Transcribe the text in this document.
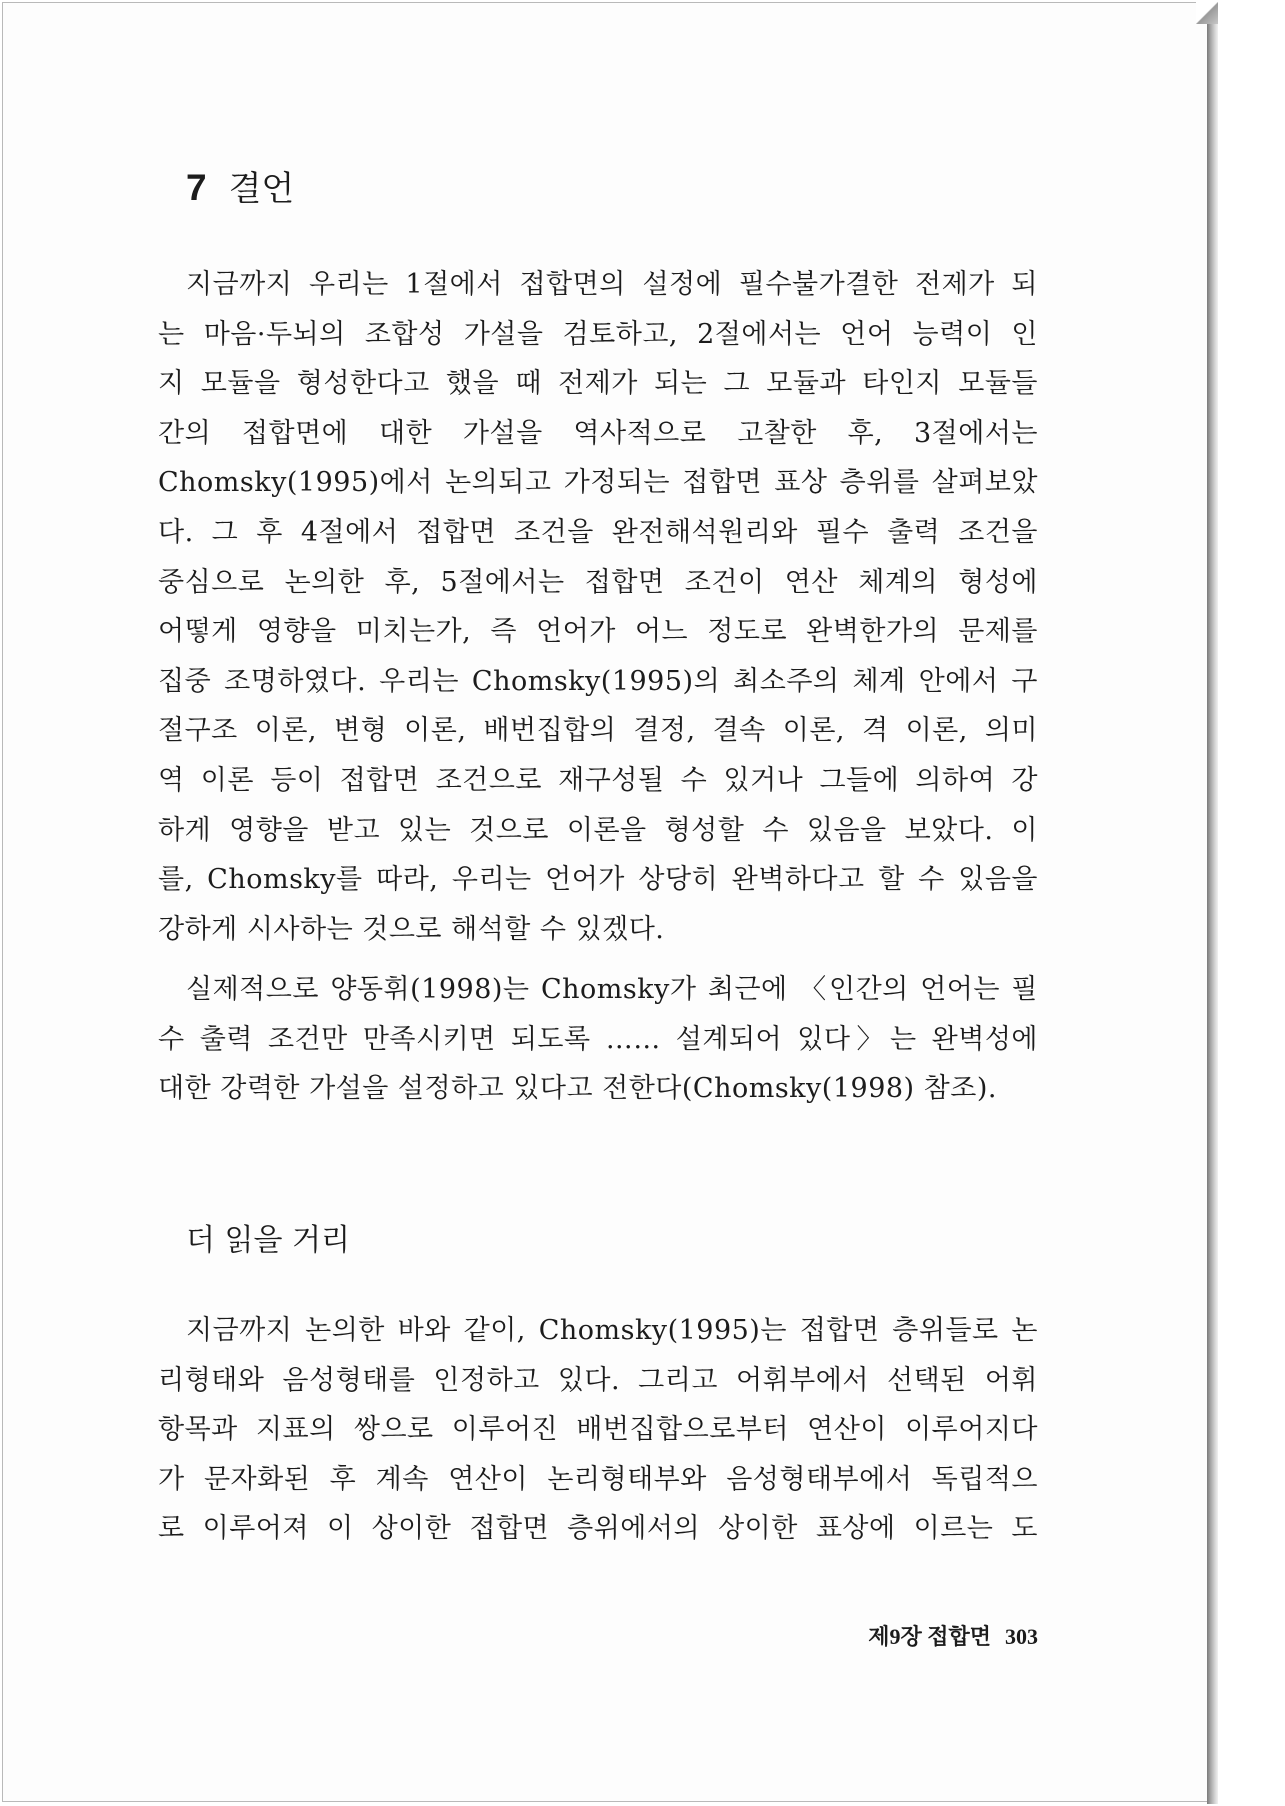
7 결언

지금까지 우리는 1절에서 접합면의 설정에 필수불가결한 전제가 되
는 마음·두뇌의 조합성 가설을 검토하고, 2절에서는 언어 능력이 인
지 모듈을 형성한다고 했을 때 전제가 되는 그 모듈과 타인지 모듈들
간의 접합면에 대한 가설을 역사적으로 고찰한 후, 3절에서는
Chomsky(1995)에서 논의되고 가정되는 접합면 표상 층위를 살펴보았
다. 그 후 4절에서 접합면 조건을 완전해석원리와 필수 출력 조건을
중심으로 논의한 후, 5절에서는 접합면 조건이 연산 체계의 형성에
어떻게 영향을 미치는가, 즉 언어가 어느 정도로 완벽한가의 문제를
집중 조명하였다. 우리는 Chomsky(1995)의 최소주의 체계 안에서 구
절구조 이론, 변형 이론, 배번집합의 결정, 결속 이론, 격 이론, 의미
역 이론 등이 접합면 조건으로 재구성될 수 있거나 그들에 의하여 강
하게 영향을 받고 있는 것으로 이론을 형성할 수 있음을 보았다. 이
를, Chomsky를 따라, 우리는 언어가 상당히 완벽하다고 할 수 있음을
강하게 시사하는 것으로 해석할 수 있겠다.

실제적으로 양동휘(1998)는 Chomsky가 최근에 〈인간의 언어는 필
수 출력 조건만 만족시키면 되도록 …… 설계되어 있다〉는 완벽성에
대한 강력한 가설을 설정하고 있다고 전한다(Chomsky(1998) 참조).

더 읽을 거리

지금까지 논의한 바와 같이, Chomsky(1995)는 접합면 층위들로 논
리형태와 음성형태를 인정하고 있다. 그리고 어휘부에서 선택된 어휘
항목과 지표의 쌍으로 이루어진 배번집합으로부터 연산이 이루어지다
가 문자화된 후 계속 연산이 논리형태부와 음성형태부에서 독립적으
로 이루어져 이 상이한 접합면 층위에서의 상이한 표상에 이르는 도

제9장 접합면 303
